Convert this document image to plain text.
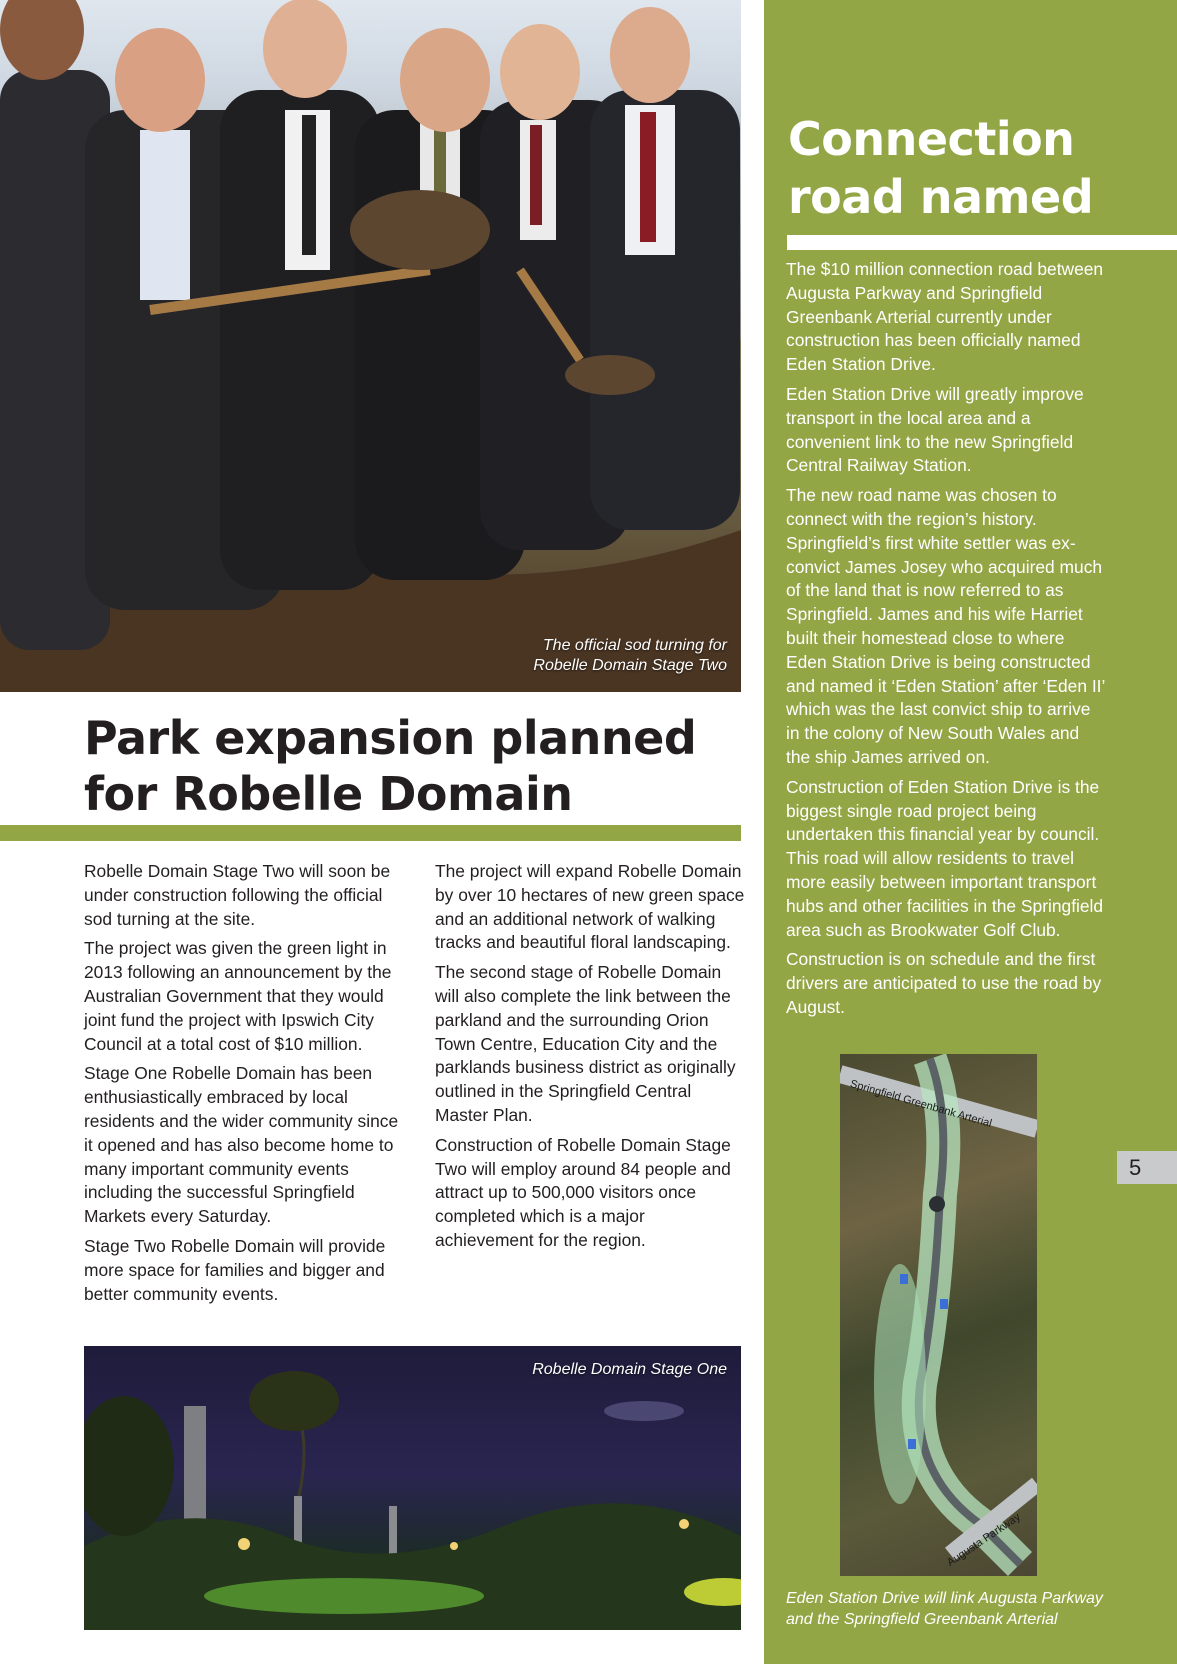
The official sod turning for
Robelle Domain Stage Two
Park expansion planned
for Robelle Domain

Robelle Domain Stage Two will soon be under construction following the official sod turning at the site.

The project was given the green light in 2013 following an announcement by the Australian Government that they would joint fund the project with Ipswich City Council at a total cost of $10 million.

Stage One Robelle Domain has been enthusiastically embraced by local residents and the wider community since it opened and has also become home to many important community events including the successful Springfield Markets every Saturday.

Stage Two Robelle Domain will provide more space for families and bigger and better community events.

The project will expand Robelle Domain by over 10 hectares of new green space and an additional network of walking tracks and beautiful floral landscaping.

The second stage of Robelle Domain will also complete the link between the parkland and the surrounding Orion Town Centre, Education City and the parklands business district as originally outlined in the Springfield Central Master Plan.

Construction of Robelle Domain Stage Two will employ around 84 people and attract up to 500,000 visitors once completed which is a major achievement for the region.

Robelle Domain Stage One
Connection
road named

The $10 million connection road between Augusta Parkway and Springfield Greenbank Arterial currently under construction has been officially named Eden Station Drive.

Eden Station Drive will greatly improve transport in the local area and a convenient link to the new Springfield Central Railway Station.

The new road name was chosen to connect with the region’s history. Springfield’s first white settler was ex-convict James Josey who acquired much of the land that is now referred to as Springfield. James and his wife Harriet built their homestead close to where Eden Station Drive is being constructed and named it ‘Eden Station’ after ‘Eden II’ which was the last convict ship to arrive in the colony of New South Wales and the ship James arrived on.

Construction of Eden Station Drive is the biggest single road project being undertaken this financial year by council. This road will allow residents to travel more easily between important transport hubs and other facilities in the Springfield area such as Brookwater Golf Club.

Construction is on schedule and the first drivers are anticipated to use the road by August.

Springfield Greenbank Arterial
Augusta Parkway
Eden Station Drive will link Augusta Parkway
and the Springfield Greenbank Arterial
5
